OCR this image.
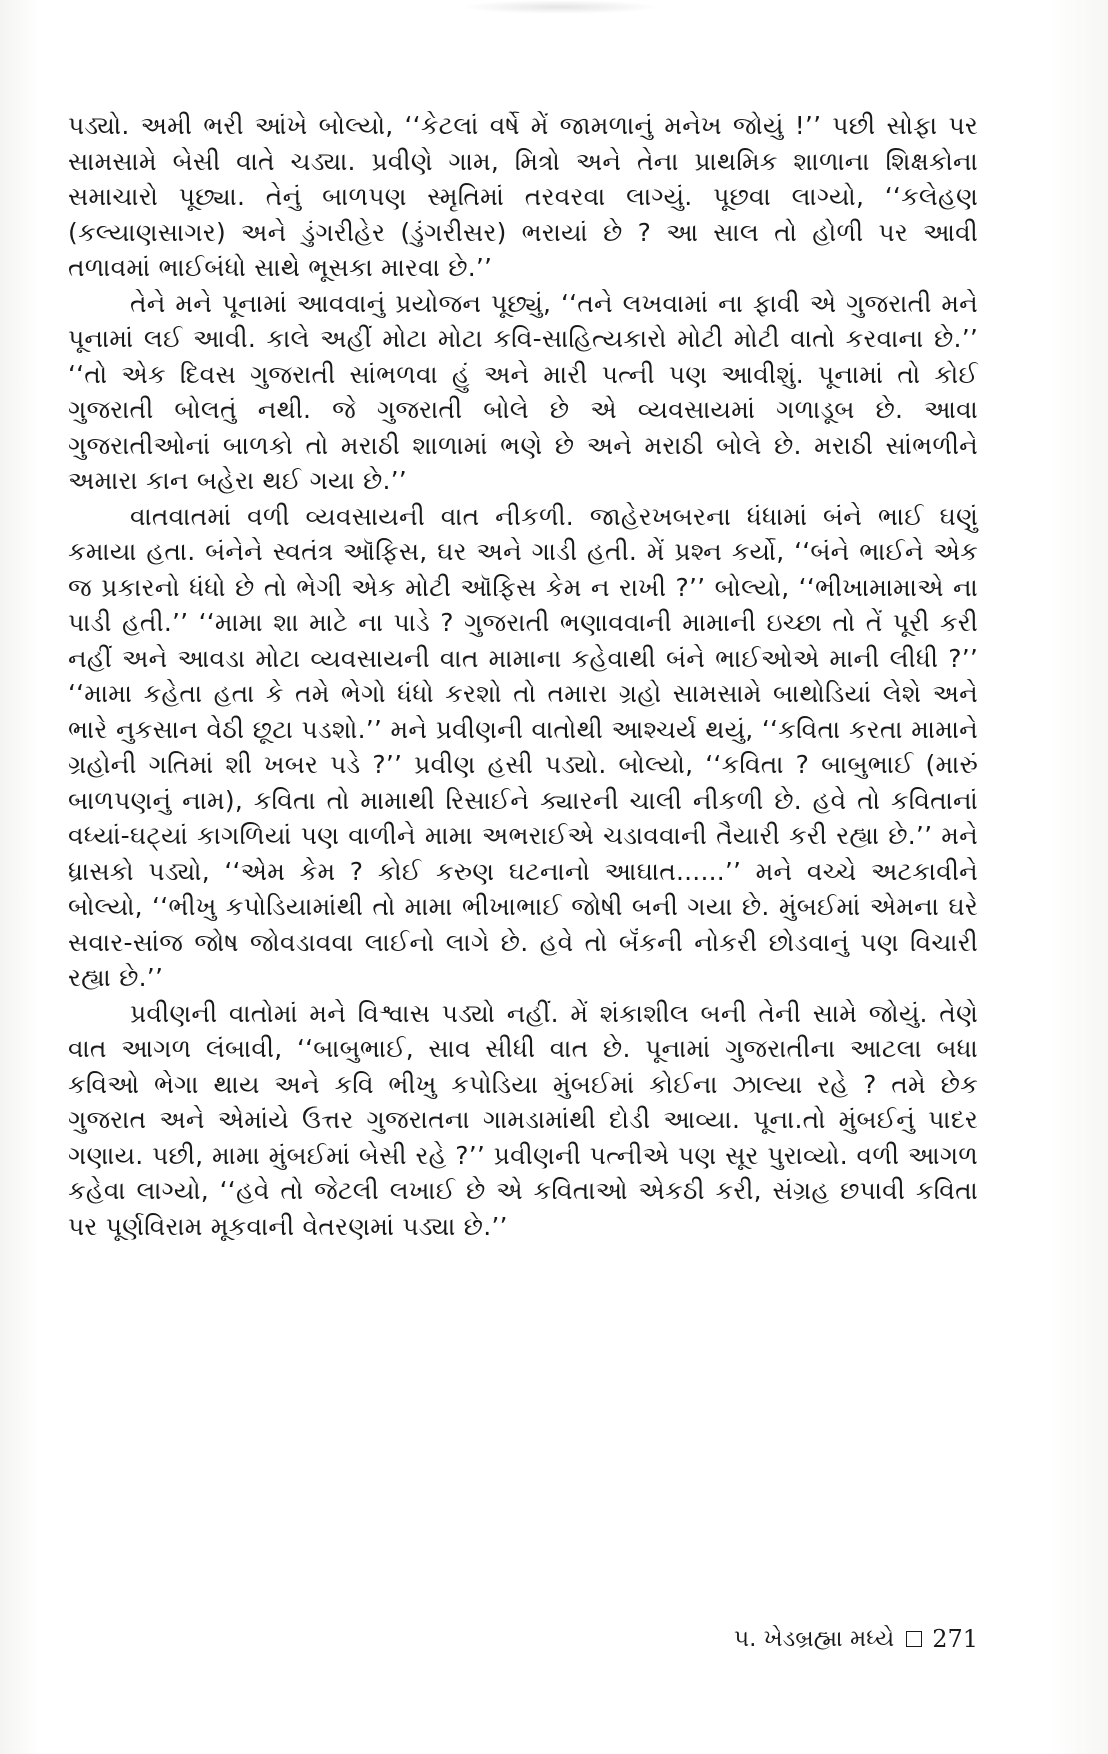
પડ્યો. અમી ભરી આંખે બોલ્યો, ‘‘કેટલાં વર્ષે મેં જામળાનું મનેખ જોયું !’’ પછી સોફા પર સામસામે બેસી વાતે ચડ્યા. પ્રવીણે ગામ, મિત્રો અને તેના પ્રાથમિક શાળાના શિક્ષકોના સમાચારો પૂછ્યા. તેનું બાળપણ સ્મૃતિમાં તરવરવા લાગ્યું. પૂછવા લાગ્યો, ‘‘કલેહણ (કલ્યાણસાગર) અને ડુંગરીહેર (ડુંગરીસર) ભરાયાં છે ? આ સાલ તો હોળી પર આવી તળાવમાં ભાઈબંધો સાથે ભૂસકા મારવા છે.’’

તેને મને પૂનામાં આવવાનું પ્રયોજન પૂછ્યું, ‘‘તને લખવામાં ના ફાવી એ ગુજરાતી મને પૂનામાં લઈ આવી. કાલે અહીં મોટા મોટા કવિ-સાહિત્યકારો મોટી મોટી વાતો કરવાના છે.’’ ‘‘તો એક દિવસ ગુજરાતી સાંભળવા હું અને મારી પત્ની પણ આવીશું. પૂનામાં તો કોઈ ગુજરાતી બોલતું નથી. જે ગુજરાતી બોલે છે એ વ્યવસાયમાં ગળાડૂબ છે. આવા ગુજરાતીઓનાં બાળકો તો મરાઠી શાળામાં ભણે છે અને મરાઠી બોલે છે. મરાઠી સાંભળીને અમારા કાન બહેરા થઈ ગયા છે.’’

વાતવાતમાં વળી વ્યવસાયની વાત નીકળી. જાહેરખબરના ધંધામાં બંને ભાઈ ઘણું કમાયા હતા. બંનેને સ્વતંત્ર ઑફિસ, ઘર અને ગાડી હતી. મેં પ્રશ્ન કર્યો, ‘‘બંને ભાઈને એક જ પ્રકારનો ધંધો છે તો ભેગી એક મોટી ઑફિસ કેમ ન રાખી ?’’ બોલ્યો, ‘‘ભીખામામાએ ના પાડી હતી.’’ ‘‘મામા શા માટે ના પાડે ? ગુજરાતી ભણાવવાની મામાની ઇચ્છા તો તેં પૂરી કરી નહીં અને આવડા મોટા વ્યવસાયની વાત મામાના કહેવાથી બંને ભાઈઓએ માની લીધી ?’’ ‘‘મામા કહેતા હતા કે તમે ભેગો ધંધો કરશો તો તમારા ગ્રહો સામસામે બાથોડિયાં લેશે અને ભારે નુકસાન વેઠી છૂટા પડશો.’’ મને પ્રવીણની વાતોથી આશ્ચર્ય થયું, ‘‘કવિતા કરતા મામાને ગ્રહોની ગતિમાં શી ખબર પડે ?’’ પ્રવીણ હસી પડ્યો. બોલ્યો, ‘‘કવિતા ? બાબુભાઈ (મારું બાળપણનું નામ), કવિતા તો મામાથી રિસાઈને ક્યારની ચાલી નીકળી છે. હવે તો કવિતાનાં વધ્યાં-ઘટ્યાં કાગળિયાં પણ વાળીને મામા અભરાઈએ ચડાવવાની તૈયારી કરી રહ્યા છે.’’ મને ધ્રાસકો પડ્યો, ‘‘એમ કેમ ? કોઈ કરુણ ઘટનાનો આઘાત......’’ મને વચ્ચે અટકાવીને બોલ્યો, ‘‘ભીખુ કપોડિયામાંથી તો મામા ભીખાભાઈ જોષી બની ગયા છે. મુંબઈમાં એમના ઘરે સવાર-સાંજ જોષ જોવડાવવા લાઈનો લાગે છે. હવે તો બૅંકની નોકરી છોડવાનું પણ વિચારી રહ્યા છે.’’

પ્રવીણની વાતોમાં મને વિશ્વાસ પડ્યો નહીં. મેં શંકાશીલ બની તેની સામે જોયું. તેણે વાત આગળ લંબાવી, ‘‘બાબુભાઈ, સાવ સીધી વાત છે. પૂનામાં ગુજરાતીના આટલા બધા કવિઓ ભેગા થાય અને કવિ ભીખુ કપોડિયા મુંબઈમાં કોઈના ઝાલ્યા રહે ? તમે છેક ગુજરાત અને એમાંયે ઉત્તર ગુજરાતના ગામડામાંથી દોડી આવ્યા. પૂના.તો મુંબઈનું પાદર ગણાય. પછી, મામા મુંબઈમાં બેસી રહે ?’’ પ્રવીણની પત્નીએ પણ સૂર પુરાવ્યો. વળી આગળ કહેવા લાગ્યો, ‘‘હવે તો જેટલી લખાઈ છે એ કવિતાઓ એકઠી કરી, સંગ્રહ છપાવી કવિતા પર પૂર્ણવિરામ મૂકવાની વેતરણમાં પડ્યા છે.’’

૫. ખેડબ્રહ્મા મધ્યે 271
